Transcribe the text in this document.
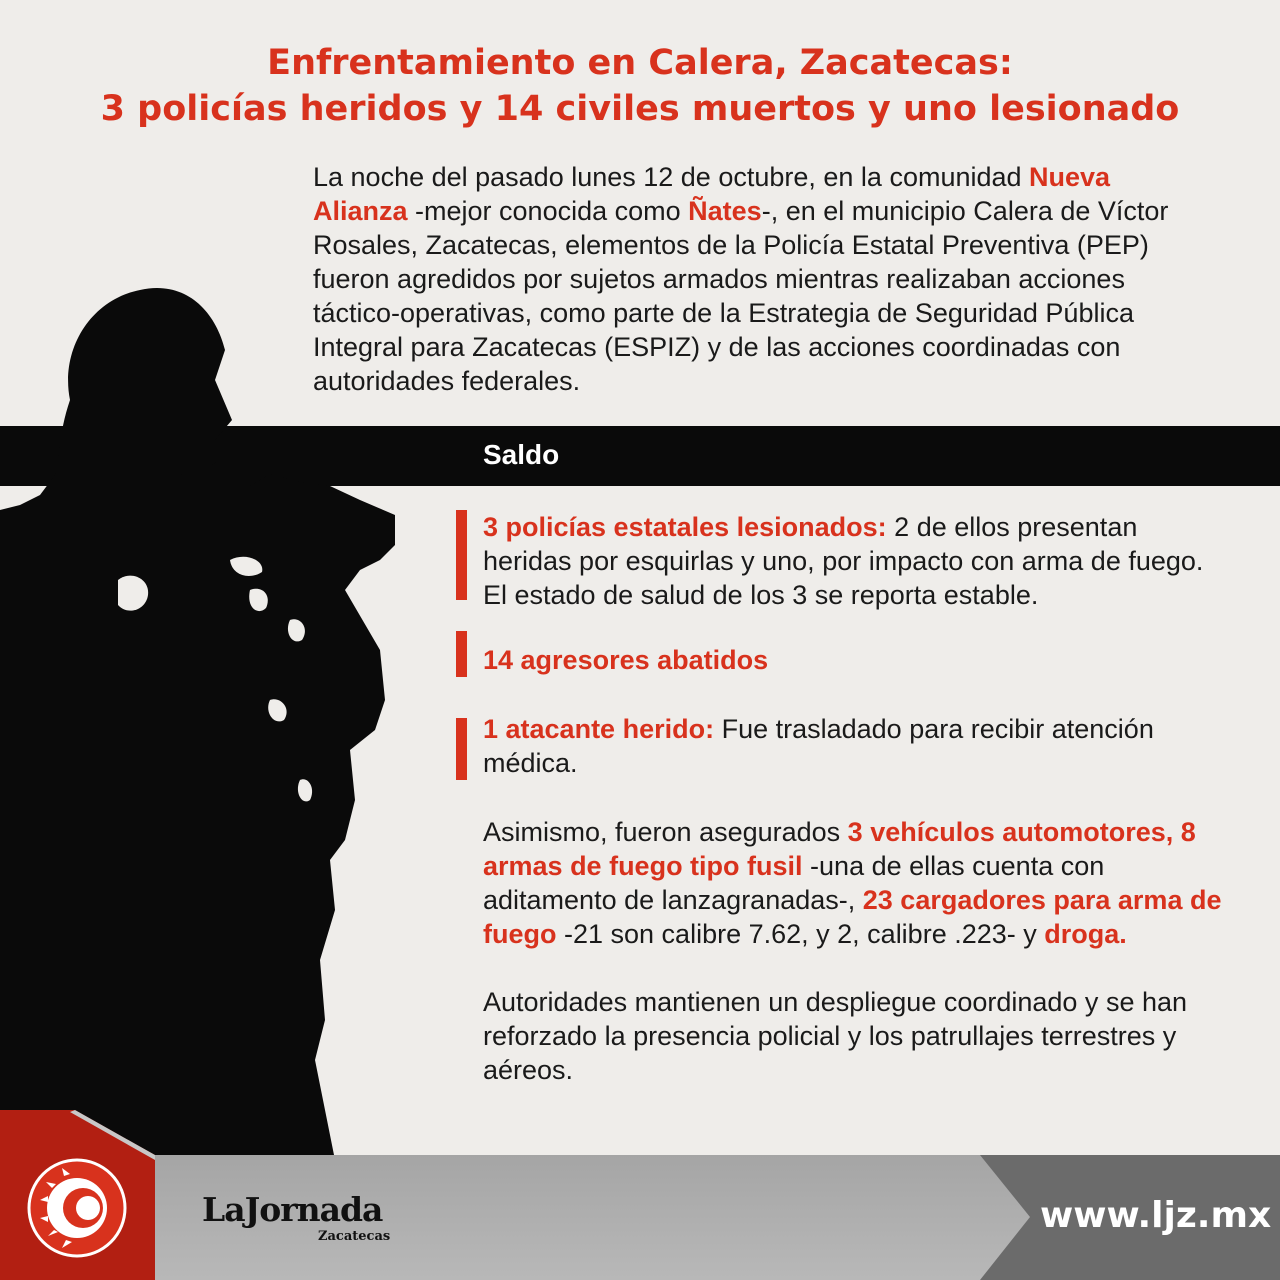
Enfrentamiento en Calera, Zacatecas:
3 policías heridos y 14 civiles muertos y uno lesionado
La noche del pasado lunes 12 de octubre, en la comunidad Nueva Alianza -mejor conocida como Ñates-, en el municipio Calera de Víctor Rosales, Zacatecas, elementos de la Policía Estatal Preventiva (PEP) fueron agredidos por sujetos armados mientras realizaban acciones táctico-operativas, como parte de la Estrategia de Seguridad Pública Integral para Zacatecas (ESPIZ) y de las acciones coordinadas con autoridades federales.
Saldo
3 policías estatales lesionados: 2 de ellos presentan heridas por esquirlas y uno, por impacto con arma de fuego. El estado de salud de los 3 se reporta estable.
14 agresores abatidos
1 atacante herido: Fue trasladado para recibir atención médica.
Asimismo, fueron asegurados 3 vehículos automotores, 8 armas de fuego tipo fusil -una de ellas cuenta con aditamento de lanzagranadas-, 23 cargadores para arma de fuego -21 son calibre 7.62, y 2, calibre .223- y droga.
Autoridades mantienen un despliegue coordinado y se han reforzado la presencia policial y los patrullajes terrestres y aéreos.
LaJornada
Zacatecas
www.ljz.mx
